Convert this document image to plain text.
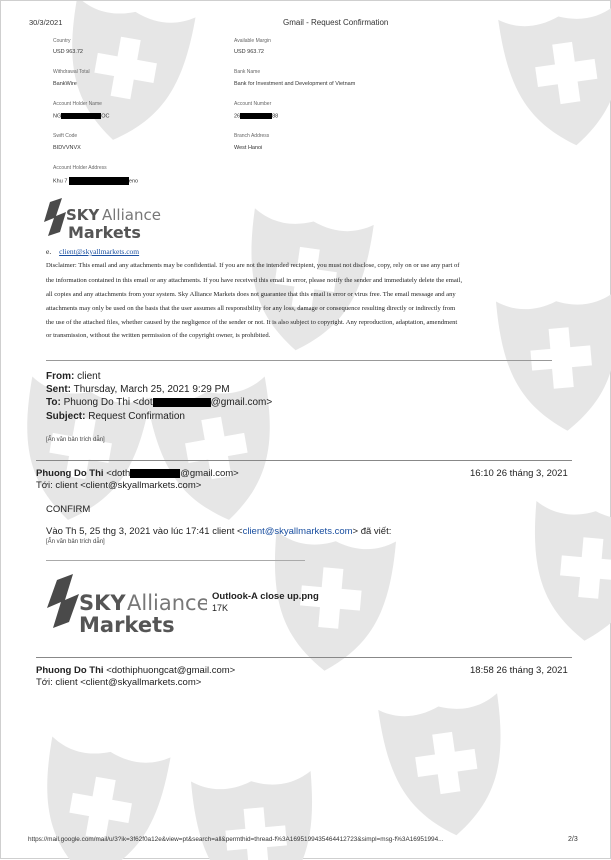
30/3/2021	Gmail - Request Confirmation
Country
USD 963.72
Withdrawal Total
BankWire
Account Holder Name
NG	OC
Swift Code
BIDVVNVX
Account Holder Address
Khu 7	eno
Available Margin
USD 963.72
Bank Name
Bank for Investment and Development of Vietnam
Account Number
26	88
Branch Address
West Hanoi
SKY Alliance
Markets
e. client@skyallmarkets.com
Disclaimer: This email and any attachments may be confidential. If you are not the intended recipient, you must not disclose, copy, rely on or use any part of
the information contained in this email or any attachments. If you have received this email in error, please notify the sender and immediately delete the email,
all copies and any attachments from your system. Sky Alliance Markets does not guarantee that this email is error or virus free. The email message and any
attachments may only be used on the basis that the user assumes all responsibility for any loss, damage or consequence resulting directly or indirectly from
the use of the attached files, whether caused by the negligence of the sender or not. It is also subject to copyright. Any reproduction, adaptation, amendment
or transmission, without the written permission of the copyright owner, is prohibited.
From: client
Sent: Thursday, March 25, 2021 9:29 PM
To: Phuong Do Thi <dot	@gmail.com>
Subject: Request Confirmation
[Ẩn văn bản trích dẫn]
Phuong Do Thi <doth	@gmail.com>	16:10 26 tháng 3, 2021
Tới: client <client@skyallmarkets.com>
CONFIRM
Vào Th 5, 25 thg 3, 2021 vào lúc 17:41 client <client@skyallmarkets.com> đã viết:
[Ẩn văn bản trích dẫn]
SKY Alliance
Markets
Outlook-A close up.png
17K
Phuong Do Thi <dothiphuongcat@gmail.com>	18:58 26 tháng 3, 2021
Tới: client <client@skyallmarkets.com>
https://mail.google.com/mail/u/3?ik=3f62f0a12e&view=pt&search=all&permthid=thread-f%3A1695199435464412723&simpl=msg-f%3A16951994...	2/3
